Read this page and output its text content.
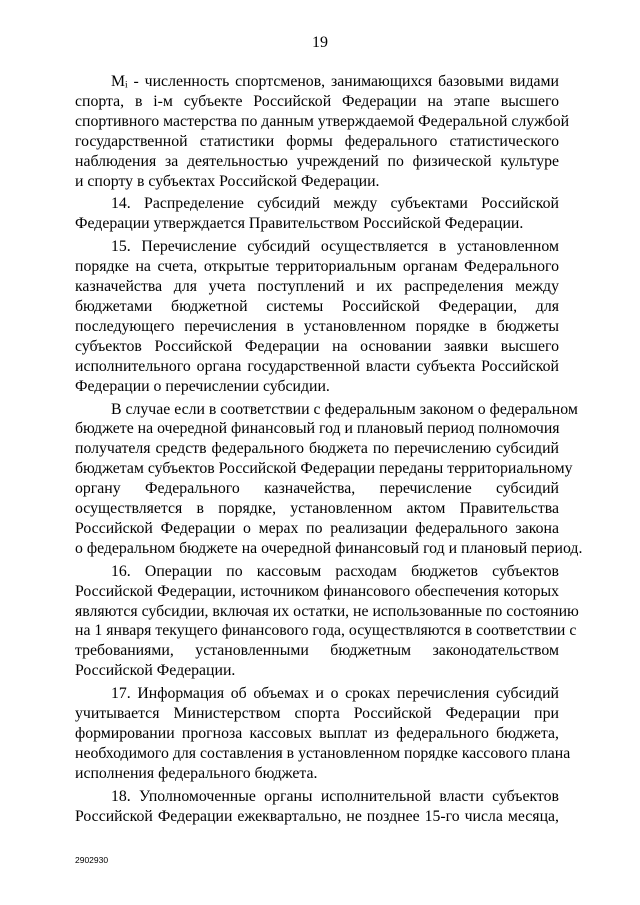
19
Mᵢ - численность спортсменов, занимающихся базовыми видами
спорта, в i-м субъекте Российской Федерации на этапе высшего
спортивного мастерства по данным утверждаемой Федеральной службой
государственной статистики формы федерального статистического
наблюдения за деятельностью учреждений по физической культуре
и спорту в субъектах Российской Федерации.
14. Распределение субсидий между субъектами Российской
Федерации утверждается Правительством Российской Федерации.
15. Перечисление субсидий осуществляется в установленном
порядке на счета, открытые территориальным органам Федерального
казначейства для учета поступлений и их распределения между
бюджетами бюджетной системы Российской Федерации, для
последующего перечисления в установленном порядке в бюджеты
субъектов Российской Федерации на основании заявки высшего
исполнительного органа государственной власти субъекта Российской
Федерации о перечислении субсидии.
В случае если в соответствии с федеральным законом о федеральном
бюджете на очередной финансовый год и плановый период полномочия
получателя средств федерального бюджета по перечислению субсидий
бюджетам субъектов Российской Федерации переданы территориальному
органу Федерального казначейства, перечисление субсидий
осуществляется в порядке, установленном актом Правительства
Российской Федерации о мерах по реализации федерального закона
о федеральном бюджете на очередной финансовый год и плановый период.
16. Операции по кассовым расходам бюджетов субъектов
Российской Федерации, источником финансового обеспечения которых
являются субсидии, включая их остатки, не использованные по состоянию
на 1 января текущего финансового года, осуществляются в соответствии с
требованиями, установленными бюджетным законодательством
Российской Федерации.
17. Информация об объемах и о сроках перечисления субсидий
учитывается Министерством спорта Российской Федерации при
формировании прогноза кассовых выплат из федерального бюджета,
необходимого для составления в установленном порядке кассового плана
исполнения федерального бюджета.
18. Уполномоченные органы исполнительной власти субъектов
Российской Федерации ежеквартально, не позднее 15-го числа месяца,
2902930
